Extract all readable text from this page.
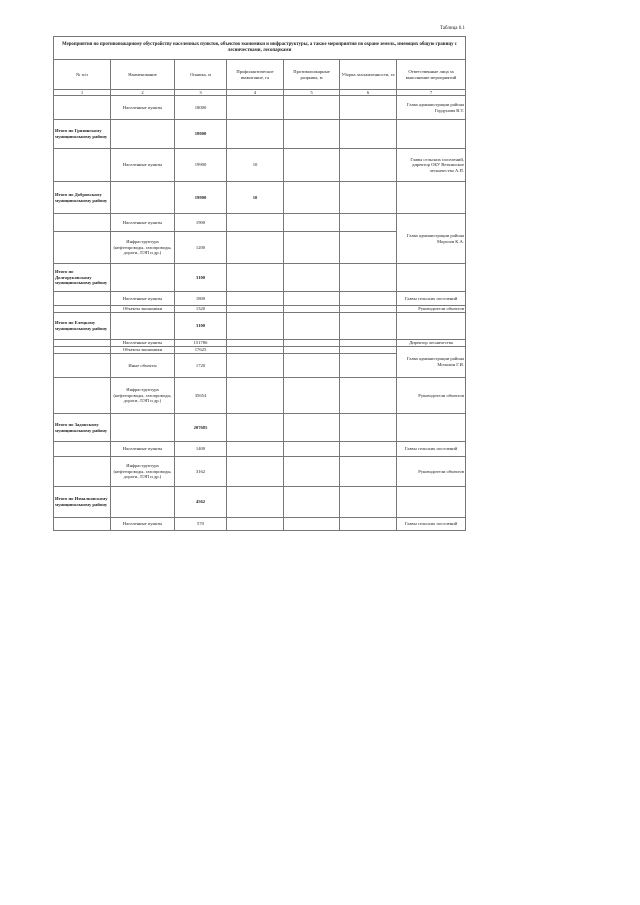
Таблица 6.1
Мероприятия по противопожарному обустройству населенных пунктов, объектов экономики и инфраструктуры, а также мероприятия по охране земель, имеющих общую границу с лесничествами, лесопарками						
№ п/п	Наименование	Опашка, м	Профилактическое выжигание, га	Противопожарные разрывы, м	Уборка захламленности, га	Ответственные лица за выполнение мероприятий
1	2	3	4	5	6	7
	Населенные пункты	18000				Глава администрации района Гордунова В.Т.
Итого по Грязинскому муниципальному району		18000				
	Населенные пункты	19900	10			Главы сельских поселений, директор ОБУ Веткинское лесничество А.П.
Итого по Добровскому муниципальному району		19900	10			
	Населенные пункты	1900				Глава администрации района Морозов К.А.
	Инфраструктура (нефтепроводы, газопроводы, дороги, ЛЭП и др.)	1200				
Итого по Долгоруковскому муниципальному району		3100				
	Населенные пункты	1800				Главы сельских поселений
	Объекты экономики	1320				Руководители объектов
Итого по Елецкому муниципальному району		3100				
	Населенные пункты	151786				Директор лесничества
	Объекты экономики	17625				Глава администрации района Мочалин Г.И.
	Иные объекты	1720				
	Инфраструктура (нефтепроводы, газопроводы, дороги, ЛЭП и др.)	35654				Руководители объектов
Итого по Задонскому муниципальному району		207685				
	Населенные пункты	1400				Главы сельских поселений
	Инфраструктура (нефтепроводы, газопроводы, дороги, ЛЭП и др.)	3162				Руководители объектов
Итого по Измалковскому муниципальному району		4562				
	Населенные пункты	570				Главы сельских поселений
